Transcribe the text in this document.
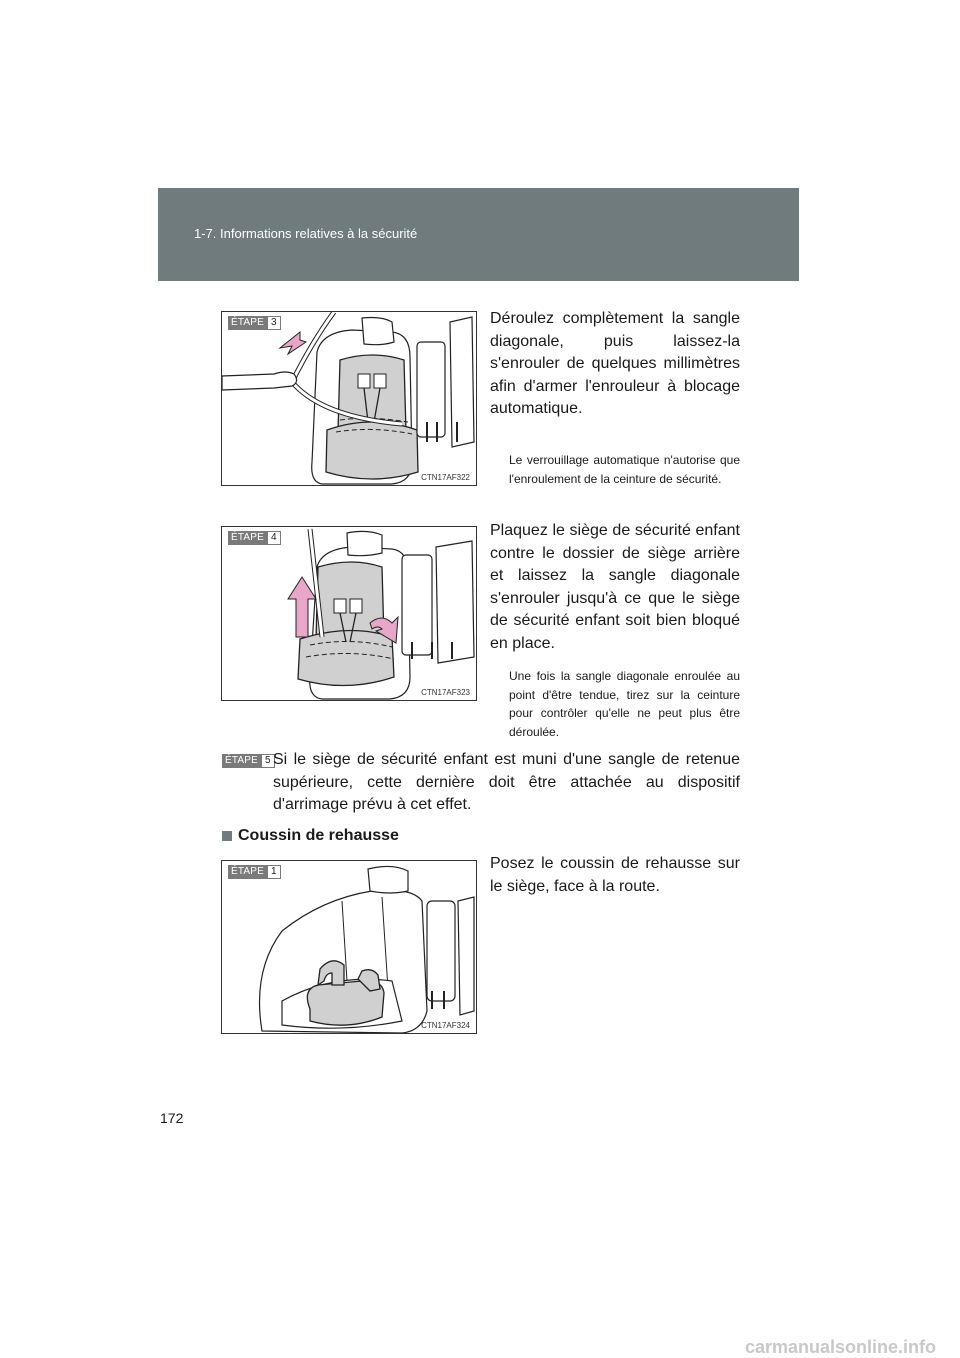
1-7. Informations relatives à la sécurité
ÉTAPE 3
CTN17AF322
Déroulez complètement la sangle diagonale, puis laissez-la s'enrouler de quelques millimètres afin d'armer l'enrouleur à blocage automatique.
Le verrouillage automatique n'autorise que l'enroulement de la ceinture de sécurité.
ÉTAPE 4
CTN17AF323
Plaquez le siège de sécurité enfant contre le dossier de siège arrière et laissez la sangle diagonale s'enrouler jusqu'à ce que le siège de sécurité enfant soit bien bloqué en place.
Une fois la sangle diagonale enroulée au point d'être tendue, tirez sur la ceinture pour contrôler qu'elle ne peut plus être déroulée.
ÉTAPE 5 Si le siège de sécurité enfant est muni d'une sangle de retenue supérieure, cette dernière doit être attachée au dispositif d'arrimage prévu à cet effet.
Coussin de rehausse
ÉTAPE 1
CTN17AF324
Posez le coussin de rehausse sur le siège, face à la route.
172
carmanualsonline.info
